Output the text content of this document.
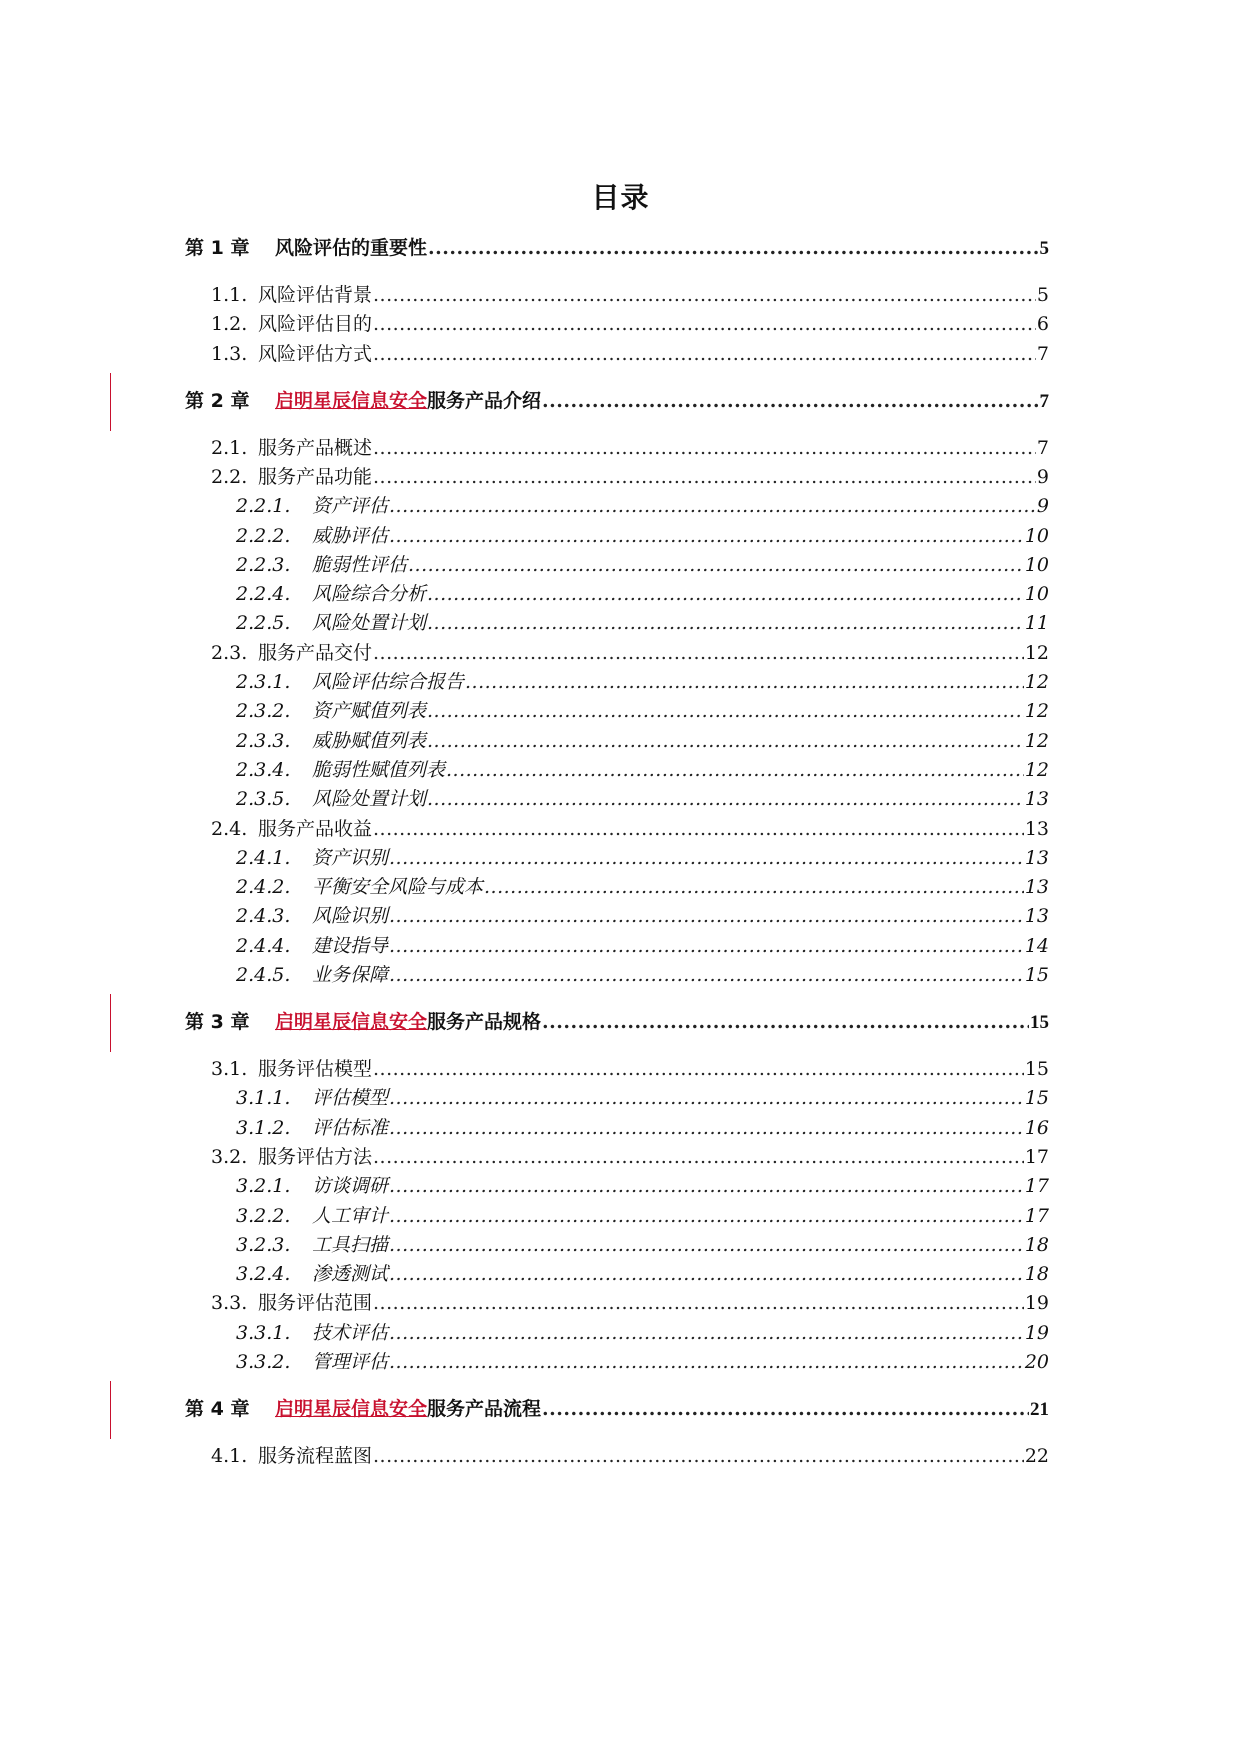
目录
第 1 章	风险评估的重要性 .....	5
1.1. 风险评估背景 .....	5
1.2. 风险评估目的 .....	6
1.3. 风险评估方式 .....	7
第 2 章	启明星辰信息安全 服务产品介绍 .....	7
2.1. 服务产品概述 .....	7
2.2. 服务产品功能 .....	9
2.2.1.	资产评估 .....	9
2.2.2.	威胁评估 .....	10
2.2.3.	脆弱性评估 .....	10
2.2.4.	风险综合分析 .....	10
2.2.5.	风险处置计划 .....	11
2.3. 服务产品交付 .....	12
2.3.1.	风险评估综合报告 .....	12
2.3.2.	资产赋值列表 .....	12
2.3.3.	威胁赋值列表 .....	12
2.3.4.	脆弱性赋值列表 .....	12
2.3.5.	风险处置计划 .....	13
2.4. 服务产品收益 .....	13
2.4.1.	资产识别 .....	13
2.4.2.	平衡安全风险与成本 .....	13
2.4.3.	风险识别 .....	13
2.4.4.	建设指导 .....	14
2.4.5.	业务保障 .....	15
第 3 章	启明星辰信息安全 服务产品规格 .....	15
3.1. 服务评估模型 .....	15
3.1.1.	评估模型 .....	15
3.1.2.	评估标准 .....	16
3.2. 服务评估方法 .....	17
3.2.1.	访谈调研 .....	17
3.2.2.	人工审计 .....	17
3.2.3.	工具扫描 .....	18
3.2.4.	渗透测试 .....	18
3.3. 服务评估范围 .....	19
3.3.1.	技术评估 .....	19
3.3.2.	管理评估 .....	20
第 4 章	启明星辰信息安全 服务产品流程 .....	21
4.1. 服务流程蓝图 .....	22
